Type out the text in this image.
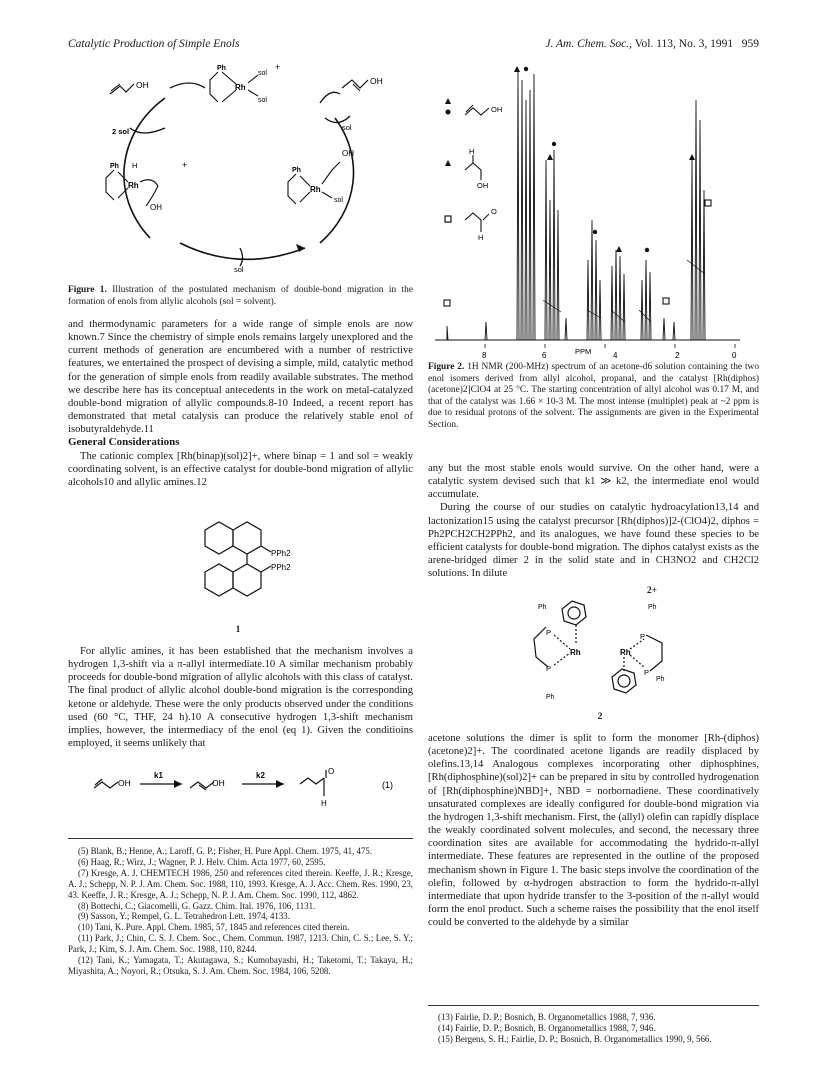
Catalytic Production of Simple Enols	J. Am. Chem. Soc., Vol. 113, No. 3, 1991 959
Ph
Rh
sol
sol
+
OH	OH
2 sol	sol
Ph H
Rh
OH
+
Ph
Rh
sol
OH
sol
Figure 1. Illustration of the postulated mechanism of double-bond migration in the formation of enols from allylic alcohols (sol = solvent).

and thermodynamic parameters for a wide range of simple enols are now known.7 Since the chemistry of simple enols remains largely unexplored and the current methods of generation are encumbered with a number of restrictive features, we entertained the prospect of devising a simple, mild, catalytic method for the generation of simple enols from readily available substrates. The method we describe here has its conceptual antecedents in the work on metal-catalyzed double-bond migration of allylic compounds.8-10 Indeed, a recent report has demonstrated that metal catalysis can produce the relatively stable enol of isobutyraldehyde.11

General Considerations

The cationic complex [Rh(binap)(sol)2]+, where binap = 1 and sol = weakly coordinating solvent, is an effective catalyst for double-bond migration of allylic alcohols10 and allylic amines.12

PPh2
PPh2
1

For allylic amines, it has been established that the mechanism involves a hydrogen 1,3-shift via a π-allyl intermediate.10 A similar mechanism probably proceeds for double-bond migration of allylic alcohols with this class of catalyst. The final product of allylic alcohol double-bond migration is the corresponding ketone or aldehyde. These were the only products observed under the conditions used (60 °C, THF, 24 h).10 A consecutive hydrogen 1,3-shift mechanism implies, however, the intermediacy of the enol (eq 1). Given the conditioins employed, it seems unlikely that

OH	OH
k1	k2	O
H
(1)
(5) Blank, B.; Henne, A.; Laroff, G. P.; Fisher, H. Pure Appl. Chem. 1975, 41, 475.
(6) Haag, R.; Wirz, J.; Wagner, P. J. Helv. Chim. Acta 1977, 60, 2595.
(7) Kresge, A. J. CHEMTECH 1986, 250 and references cited therein. Keeffe, J. R.; Kresge, A. J.; Schepp, N. P. J. Am. Chem. Soc. 1988, 110, 1993. Kresge, A. J. Acc. Chem. Res. 1990, 23, 43. Keeffe, J. R.; Kresge, A. J.; Schepp, N. P. J. Am. Chem. Soc. 1990, 112, 4862.
(8) Bottechi, C.; Giacomelli, G. Gazz. Chim. Ital. 1976, 106, 1131.
(9) Sasson, Y.; Rempel, G. L. Tetrahedron Lett. 1974, 4133.
(10) Tani, K. Pure. Appl. Chem. 1985, 57, 1845 and references cited therein.
(11) Park, J.; Chin, C. S. J. Chem. Soc., Chem. Commun. 1987, 1213. Chin, C. S.; Lee, S. Y.; Park, J.; Kim, S. J. Am. Chem. Soc. 1988, 110, 8244.
(12) Tani, K.; Yamagata, T.; Akutagawa, S.; Kumobayashi, H.; Taketomi, T.; Takaya, H.; Miyashita, A.; Noyori, R.; Otsuka, S. J. Am. Chem. Soc. 1984, 106, 5208.
OH
H
OH
O
H
8	6	PPM	4	2	0
Figure 2. 1H NMR (200-MHz) spectrum of an acetone-d6 solution containing the two enol isomers derived from allyl alcohol, propanal, and the catalyst [Rh(diphos)(acetone)2]ClO4 at 25 °C. The starting concentration of allyl alcohol was 0.17 M, and that of the catalyst was 1.66 × 10-3 M. The most intense (multiplet) peak at ~2 ppm is due to residual protons of the solvent. The assignments are given in the Experimental Section.

any but the most stable enols would survive. On the other hand, were a catalytic system devised such that k1 ≫ k2, the intermediate enol would accumulate.

During the course of our studies on catalytic hydroacylation13,14 and lactonization15 using the catalyst precursor [Rh(diphos)]2-(ClO4)2, diphos = Ph2PCH2CH2PPh2, and its analogues, we have found these species to be efficient catalysts for double-bond migration. The diphos catalyst exists as the arene-bridged dimer 2 in the solid state and in CH3NO2 and CH2Cl2 solutions. In dilute

2+
Ph	Ph
P
P
P
P
Rh	Rh
Ph
Ph
2

acetone solutions the dimer is split to form the monomer [Rh-(diphos)(acetone)2]+. The coordinated acetone ligands are readily displaced by olefins.13,14 Analogous complexes incorporating other diphosphines, [Rh(diphosphine)(sol)2]+ can be prepared in situ by controlled hydrogenation of [Rh(diphosphine)NBD]+, NBD = norbornadiene. These coordinatively unsaturated complexes are ideally configured for double-bond migration via the hydrogen 1,3-shift mechanism. First, the (allyl) olefin can rapidly displace the weakly coordinated solvent molecules, and second, the necessary three coordination sites are available for accommodating the hydrido-π-allyl intermediate. These features are represented in the outline of the proposed mechanism shown in Figure 1. The basic steps involve the coordination of the olefin, followed by α-hydrogen abstraction to form the hydrido-π-allyl intermediate that upon hydride transfer to the 3-position of the π-allyl would form the enol product. Such a scheme raises the possibility that the enol itself could be converted to the aldehyde by a similar

(13) Fairlie, D. P.; Bosnich, B. Organometallics 1988, 7, 936.
(14) Fairlie, D. P.; Bosnich, B. Organometallics 1988, 7, 946.
(15) Bergens, S. H.; Fairlie, D. P.; Bosnich, B. Organometallics 1990, 9, 566.
